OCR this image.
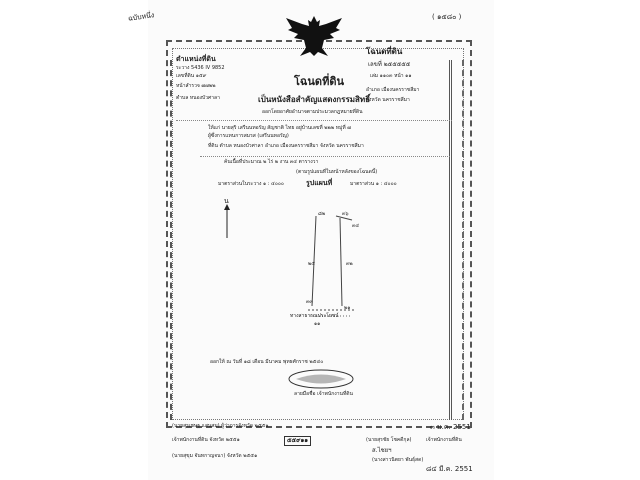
ฉบับหนึ่ง	( ๑๕๘๐ )
ตำแหน่งที่ดิน
ระวาง 5436 IV 9852
เลขที่ดิน ๑๕๙
หน้าสำรวจ ๗๗๒๒
ตำบล หนองบัวศาลา
โฉนดที่ดิน
เป็นหนังสือสำคัญแสดงกรรมสิทธิ์
ออกโดยอาศัยอำนาจตามประมวลกฎหมายที่ดิน
โฉนดที่ดิน
เลขที่ ๒๕๕๕๕๕
เล่ม ๑๑๐๓ หน้า ๑๑
อำเภอ เมืองนครราชสีมา
จังหวัด นครราชสีมา
ให้แก่ นายสุริ เสรีนนทอรัญ สัญชาติ ไทย อยู่บ้านเลขที่ ๒๒๒ หมู่ที่ ๗
ผู้ซึ่งการแทนการสมรส (เสรีนนทอรัญ)
ที่ดิน ตำบล หนองบัวศาลา อำเภอ เมืองนครราชสีมา จังหวัด นครราชสีมา
ค้นเนื้อที่ประมาณ ๒ ไร่ ๒ งาน ๓๔ ตารางวา
(ตามรูปแผนที่ในหน้าหลังของโฉนดนี้)
มาตราส่วนในระวาง ๑ : ๔๐๐๐	รูปแผนที่	มาตราส่วน ๑ : ๔๐๐๐
น
๘๒	๓๖
๓๔
๒๕	๓๒
๓๓
๒๑
๑๑
ทางสาธารณประโยชน์
ออกให้ ณ วันที่ ๑๘ เดือน มีนาคม พุทธศักราช ๒๕๔๐
ลายมือชื่อ เจ้าพนักงานที่ดิน
(นายสุรเชษฐ แสนสม) ผู้ว่าการจังหวัด ๒๕๕๑	๓ ม.ค. 2551
เจ้าพนักงานที่ดิน จังหวัด ๒๕๕๑	๕๕๙๑๑	(นายสุรชัย โชคดีกุล)	เจ้าพนักงานที่ดิน
(นายสุขุม จันทกาญจนา) จังหวัด ๒๕๕๑
ส.ไชยฯ
(นางสาวนิตยา พันธุ์สด)
๘๔ มี.ค. 2551
